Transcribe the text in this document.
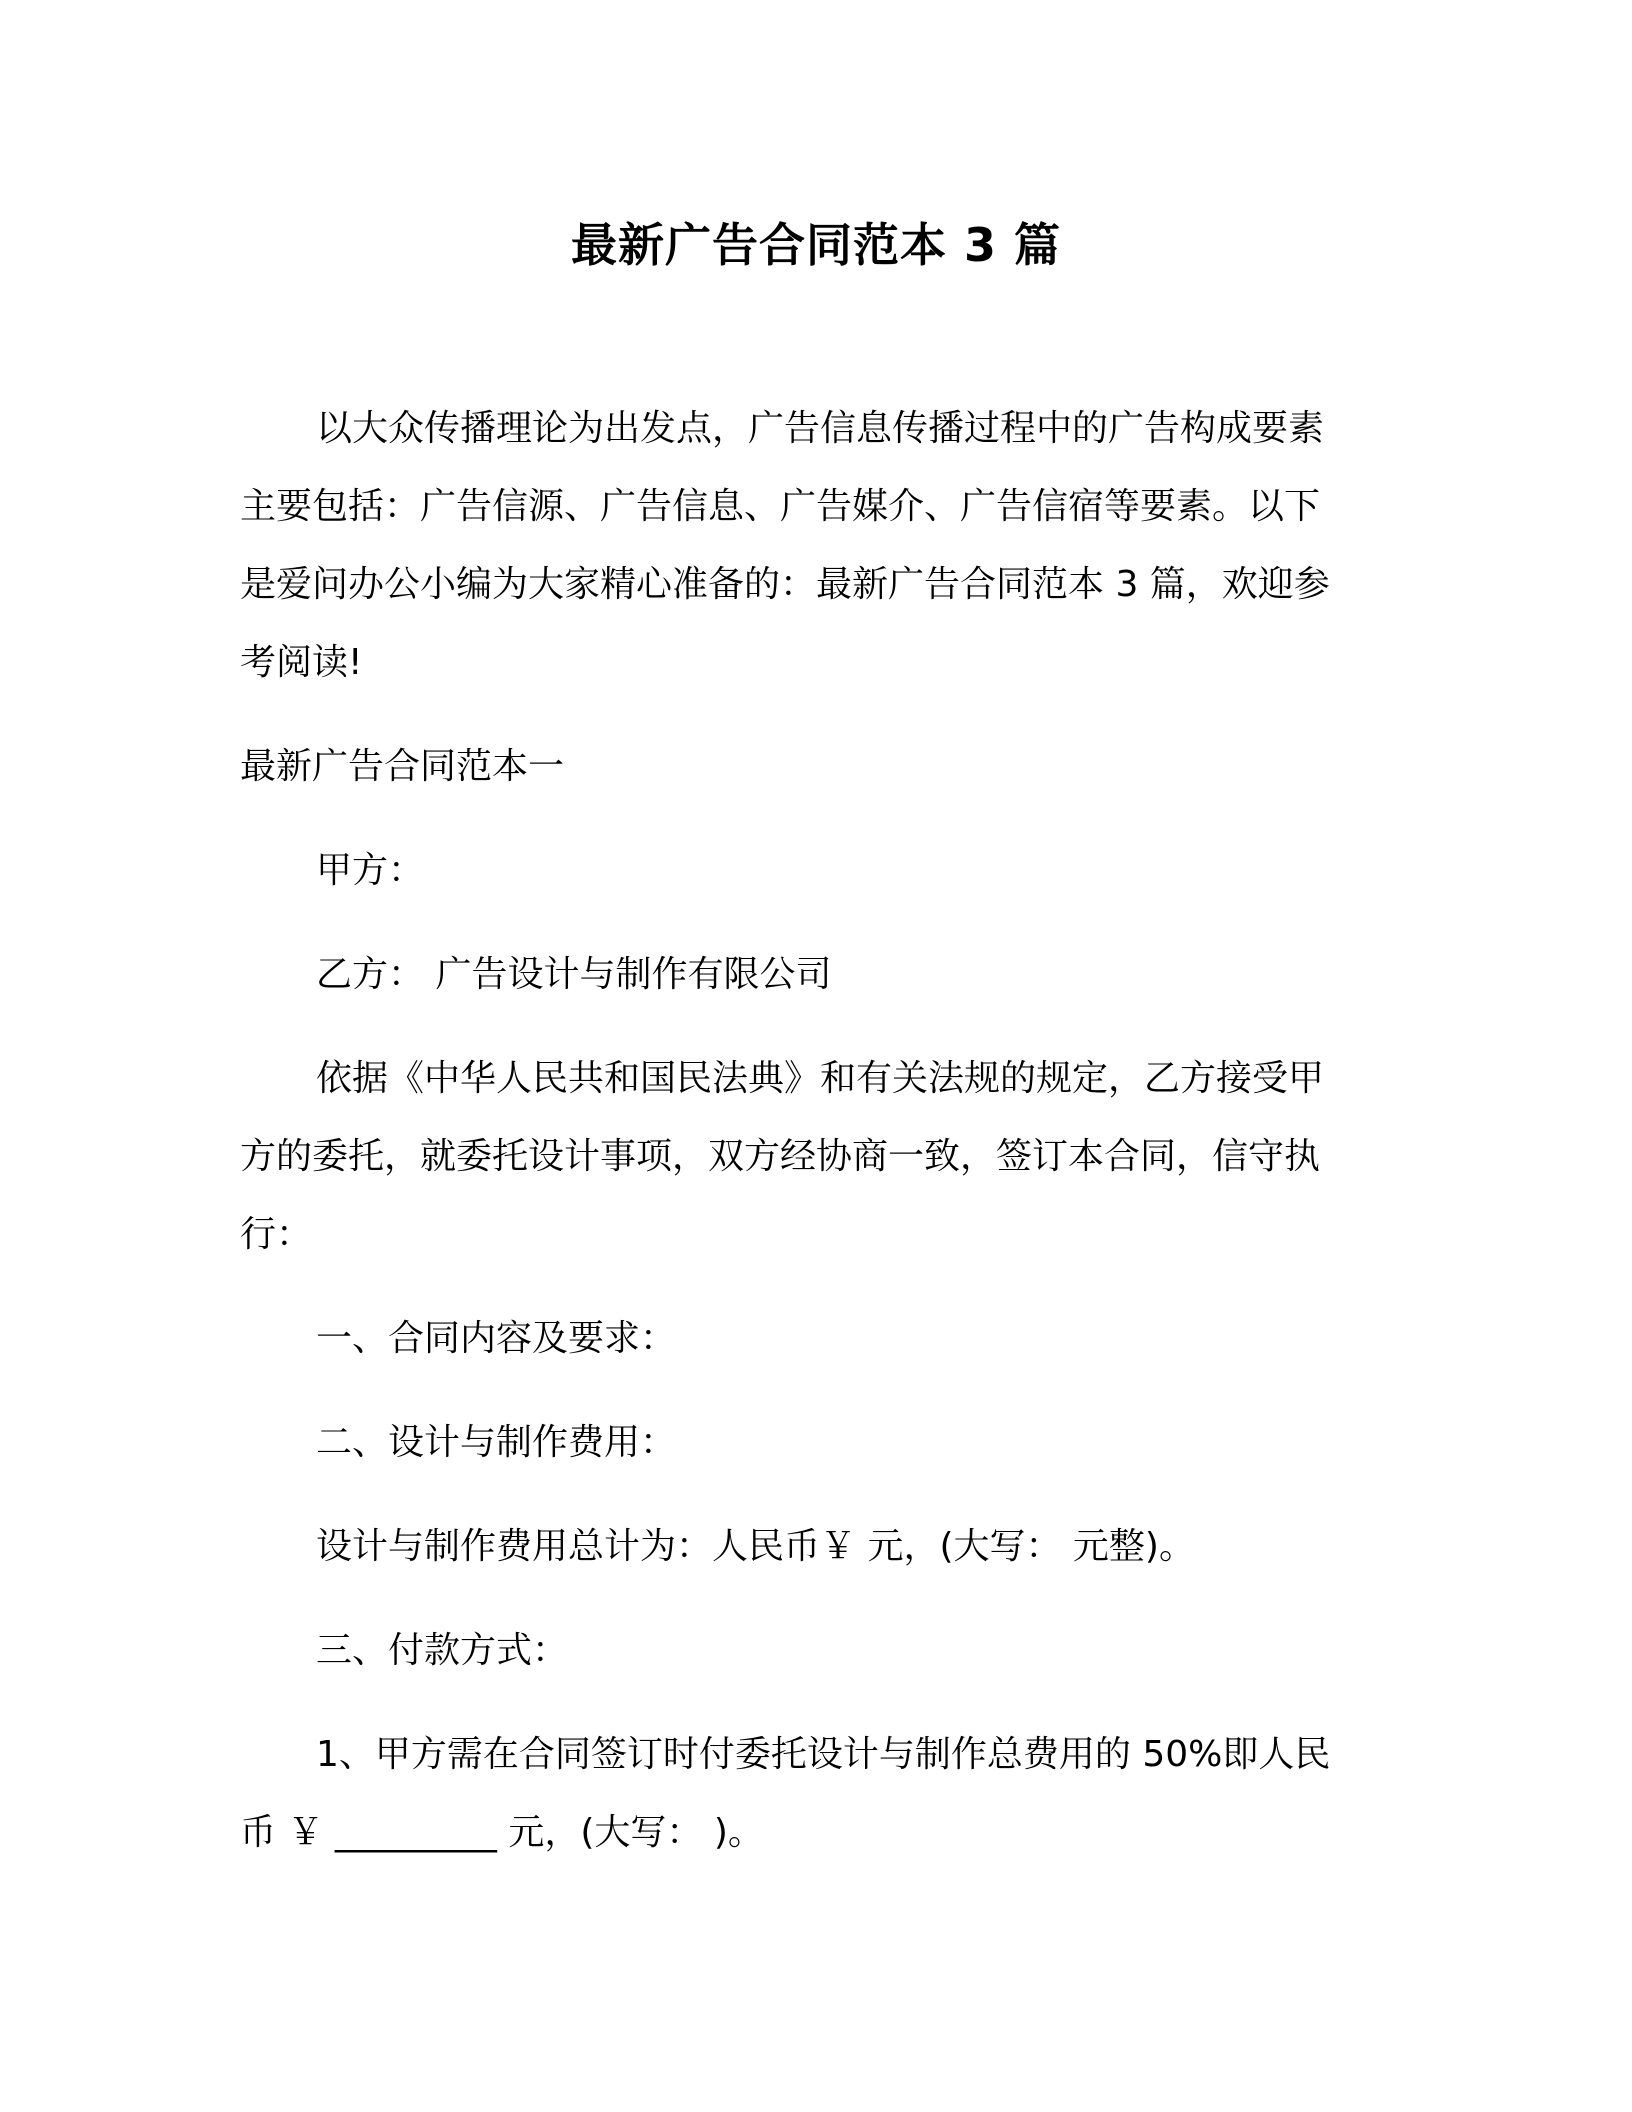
最新广告合同范本 3 篇

以大众传播理论为出发点，广告信息传播过程中的广告构成要素

主要包括：广告信源、广告信息、广告媒介、广告信宿等要素。以下

是爱问办公小编为大家精心准备的：最新广告合同范本 3 篇，欢迎参

考阅读!

最新广告合同范本一

甲方：

乙方： 广告设计与制作有限公司

依据《中华人民共和国民法典》和有关法规的规定，乙方接受甲

方的委托，就委托设计事项，双方经协商一致，签订本合同，信守执

行：

一、合同内容及要求：

二、设计与制作费用：

设计与制作费用总计为：人民币￥ 元，(大写： 元整)。

三、付款方式：

1、甲方需在合同签订时付委托设计与制作总费用的 50%即人民

币 ￥ _________ 元，(大写： )。
